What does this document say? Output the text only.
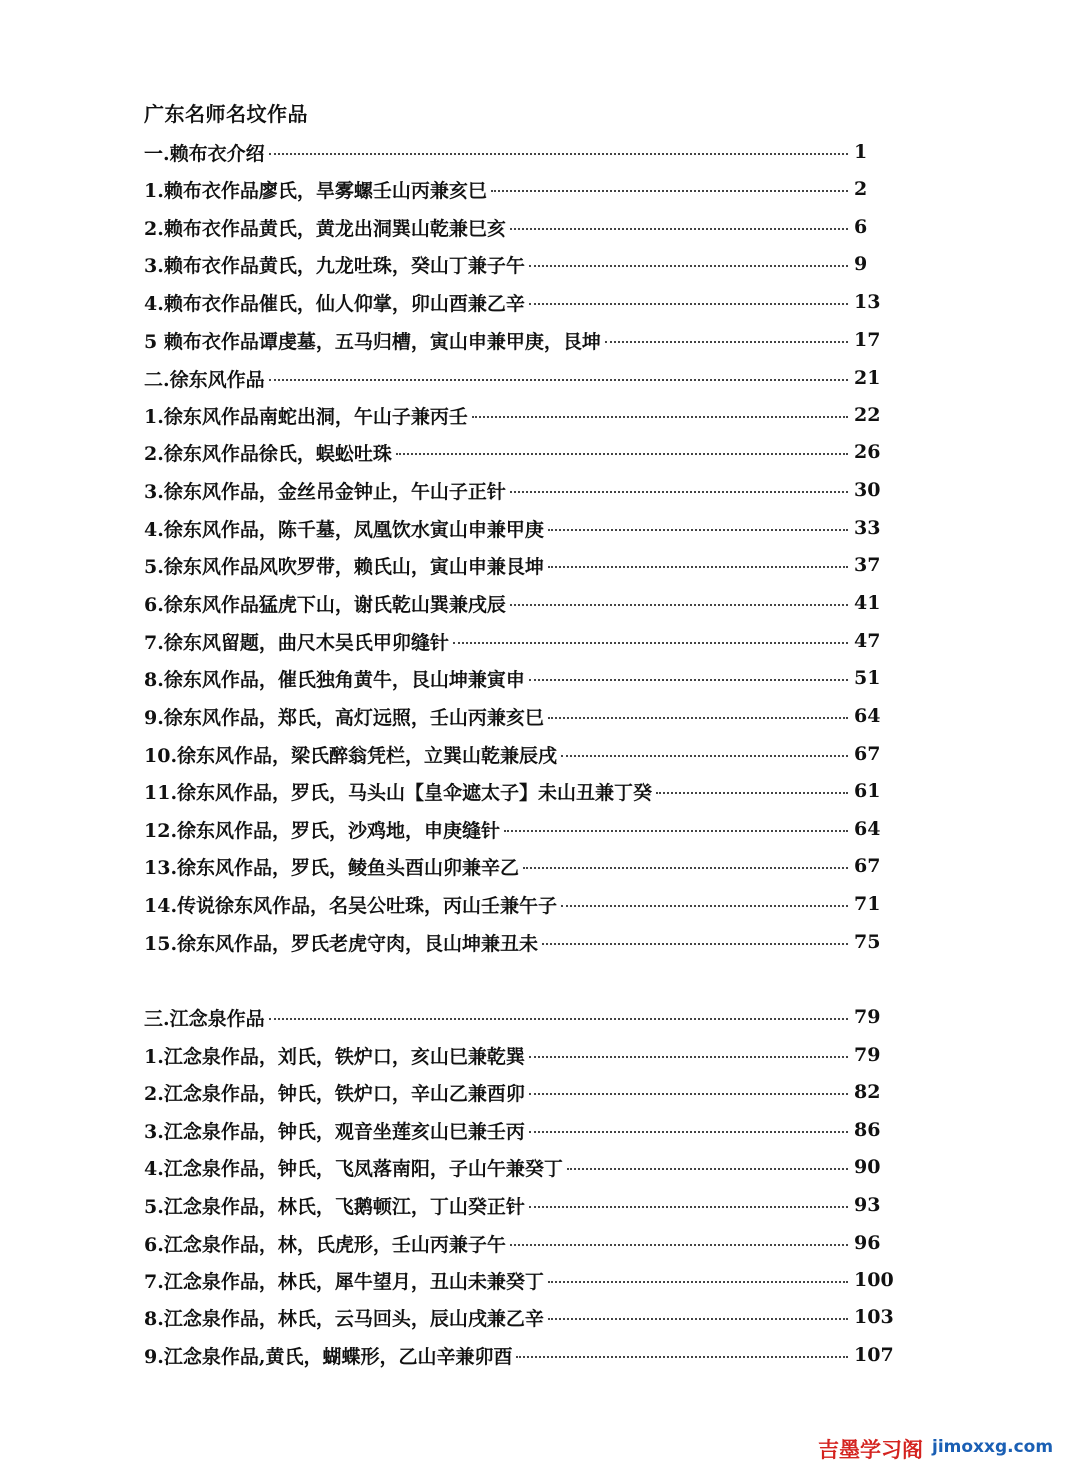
广东名师名坟作品
一.赖布衣介绍	1
1.赖布衣作品廖氏，旱雾螺壬山丙兼亥巳	2
2.赖布衣作品黄氏，黄龙出洞巽山乾兼巳亥	6
3.赖布衣作品黄氏，九龙吐珠，癸山丁兼子午	9
4.赖布衣作品催氏，仙人仰掌，卯山酉兼乙辛	13
5 赖布衣作品谭虔墓，五马归槽，寅山申兼甲庚，艮坤	17
二.徐东风作品	21
1.徐东风作品南蛇出洞，午山子兼丙壬	22
2.徐东风作品徐氏，蜈蚣吐珠	26
3.徐东风作品，金丝吊金钟止，午山子正针	30
4.徐东风作品，陈千墓，凤凰饮水寅山申兼甲庚	33
5.徐东风作品风吹罗带，赖氏山，寅山申兼艮坤	37
6.徐东风作品猛虎下山，谢氏乾山巽兼戌辰	41
7.徐东风留题，曲尺木吴氏甲卯缝针	47
8.徐东风作品，催氏独角黄牛，艮山坤兼寅申	51
9.徐东风作品，郑氏，高灯远照，壬山丙兼亥巳	64
10.徐东风作品，梁氏醉翁凭栏，立巽山乾兼辰戌	67
11.徐东风作品，罗氏，马头山【皇伞遮太子】未山丑兼丁癸	61
12.徐东风作品，罗氏，沙鸡地，申庚缝针	64
13.徐东风作品，罗氏，鲮鱼头酉山卯兼辛乙	67
14.传说徐东风作品，名吴公吐珠，丙山壬兼午子	71
15.徐东风作品，罗氏老虎守肉，艮山坤兼丑未	75
三.江念泉作品	79
1.江念泉作品，刘氏，铁炉口，亥山巳兼乾巽	79
2.江念泉作品，钟氏，铁炉口，辛山乙兼酉卯	82
3.江念泉作品，钟氏，观音坐莲亥山巳兼壬丙	86
4.江念泉作品，钟氏，飞凤落南阳，子山午兼癸丁	90
5.江念泉作品，林氏，飞鹅顿江，丁山癸正针	93
6.江念泉作品，林，氏虎形，壬山丙兼子午	96
7.江念泉作品，林氏，犀牛望月，丑山未兼癸丁	100
8.江念泉作品，林氏，云马回头，辰山戌兼乙辛	103
9.江念泉作品,黄氏，蝴蝶形，乙山辛兼卯酉	107
吉墨学习阁 jimoxxg.com
